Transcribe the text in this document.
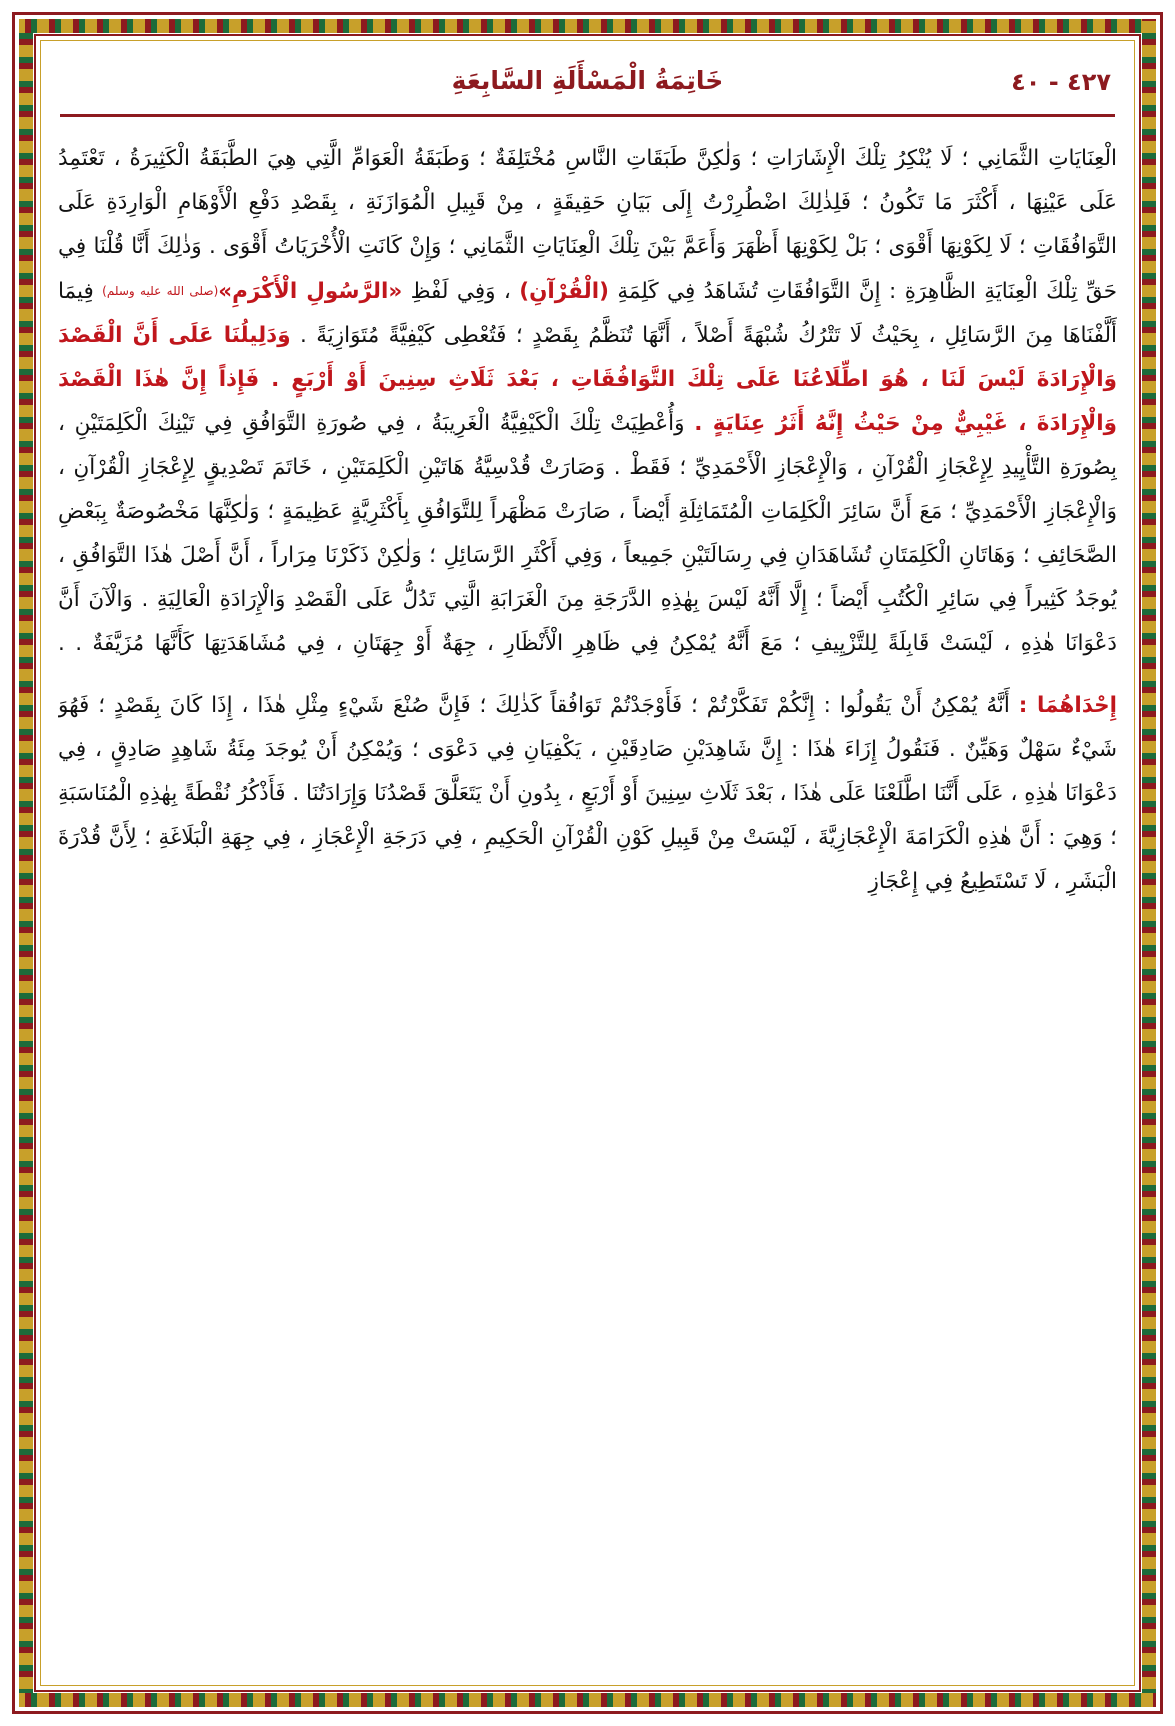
٤٢٧ - ٤٠
خَاتِمَةُ الْمَسْأَلَةِ السَّابِعَةِ

الْعِنَايَاتِ الثَّمَانِي ؛ لَا يُنْكِرُ تِلْكَ الْإِشَارَاتِ ؛ وَلٰكِنَّ طَبَقَاتِ النَّاسِ مُخْتَلِفَةٌ ؛ وَطَبَقَةُ الْعَوَامِّ الَّتِي هِيَ الطَّبَقَةُ الْكَثِيرَةُ ، تَعْتَمِدُ عَلَى عَيْنِهَا ، أَكْثَرَ مَا تَكُونُ ؛ فَلِذٰلِكَ اضْطُرِرْتُ إِلَى بَيَانِ حَقِيقَةٍ ، مِنْ قَبِيلِ الْمُوَازَنَةِ ، بِقَصْدِ دَفْعِ الْأَوْهَامِ الْوَارِدَةِ عَلَى التَّوَافُقَاتِ ؛ لَا لِكَوْنِهَا أَقْوَى ؛ بَلْ لِكَوْنِهَا أَظْهَرَ وَأَعَمَّ بَيْنَ تِلْكَ الْعِنَايَاتِ الثَّمَانِي ؛ وَإِنْ كَانَتِ الْأُخْرَيَاتُ أَقْوَى . وَذٰلِكَ أَنَّا قُلْنَا فِي حَقِّ تِلْكَ الْعِنَايَةِ الظَّاهِرَةِ : إِنَّ التَّوَافُقَاتِ تُشَاهَدُ فِي كَلِمَةِ (الْقُرْآنِ) ، وَفِي لَفْظِ «الرَّسُولِ الْأَكْرَمِ»(صلى الله عليه وسلم) فِيمَا أَلَّفْنَاهَا مِنَ الرَّسَائِلِ ، بِحَيْثُ لَا تَتْرُكُ شُبْهَةً أَصْلاً ، أَنَّهَا تُنَظَّمُ بِقَصْدٍ ؛ فَتُعْطِى كَيْفِيَّةً مُتَوَازِيَةً . وَدَلِيلُنَا عَلَى أَنَّ الْقَصْدَ وَالْإِرَادَةَ لَيْسَ لَنَا ، هُوَ اطِّلَاعُنَا عَلَى تِلْكَ التَّوَافُقَاتِ ، بَعْدَ ثَلَاثِ سِنِينَ أَوْ أَرْبَعٍ . فَإِذاً إِنَّ هٰذَا الْقَصْدَ وَالْإِرَادَةَ ، غَيْبِيٌّ مِنْ حَيْثُ إِنَّهُ أَثَرُ عِنَايَةٍ . وَأُعْطِيَتْ تِلْكَ الْكَيْفِيَّةُ الْغَرِيبَةُ ، فِي صُورَةِ التَّوَافُقِ فِي تَيْنِكَ الْكَلِمَتَيْنِ ، بِصُورَةِ التَّأْيِيدِ لِإِعْجَازِ الْقُرْآنِ ، وَالْإِعْجَازِ الْأَحْمَدِيِّ ؛ فَقَطْ . وَصَارَتْ قُدْسِيَّةُ هَاتَيْنِ الْكَلِمَتَيْنِ ، خَاتَمَ تَصْدِيقٍ لِإِعْجَازِ الْقُرْآنِ ، وَالْإِعْجَازِ الْأَحْمَدِيِّ ؛ مَعَ أَنَّ سَائِرَ الْكَلِمَاتِ الْمُتَمَاثِلَةِ أَيْضاً ، صَارَتْ مَظْهَراً لِلتَّوَافُقِ بِأَكْثَرِيَّةٍ عَظِيمَةٍ ؛ وَلٰكِنَّهَا مَخْصُوصَةٌ بِبَعْضِ الصَّحَائِفِ ؛ وَهَاتَانِ الْكَلِمَتَانِ تُشَاهَدَانِ فِي رِسَالَتَيْنِ جَمِيعاً ، وَفِي أَكْثَرِ الرَّسَائِلِ ؛ وَلٰكِنْ ذَكَرْنَا مِرَاراً ، أَنَّ أَصْلَ هٰذَا التَّوَافُقِ ، يُوجَدُ كَثِيراً فِي سَائِرِ الْكُتُبِ أَيْضاً ؛ إِلَّا أَنَّهُ لَيْسَ بِهٰذِهِ الدَّرَجَةِ مِنَ الْغَرَابَةِ الَّتِي تَدُلُّ عَلَى الْقَصْدِ وَالْإِرَادَةِ الْعَالِيَةِ . وَالْآنَ أَنَّ دَعْوَانَا هٰذِهِ ، لَيْسَتْ قَابِلَةً لِلتَّزْيِيفِ ؛ مَعَ أَنَّهُ يُمْكِنُ فِي ظَاهِرِ الْأَنْظَارِ ، جِهَةٌ أَوْ جِهَتَانِ ، فِي مُشَاهَدَتِهَا كَأَنَّهَا مُزَيَّفَةٌ . .

إِحْدَاهُمَا : أَنَّهُ يُمْكِنُ أَنْ يَقُولُوا : إِنَّكُمْ تَفَكَّرْتُمْ ؛ فَأَوْجَدْتُمْ تَوَافُقاً كَذٰلِكَ ؛ فَإِنَّ صُنْعَ شَيْءٍ مِثْلِ هٰذَا ، إِذَا كَانَ بِقَصْدٍ ؛ فَهُوَ شَيْءٌ سَهْلٌ وَهَيِّنٌ . فَنَقُولُ إِزَاءَ هٰذَا : إِنَّ شَاهِدَيْنِ صَادِقَيْنِ ، يَكْفِيَانِ فِي دَعْوَى ؛ وَيُمْكِنُ أَنْ يُوجَدَ مِئَةُ شَاهِدٍ صَادِقٍ ، فِي دَعْوَانَا هٰذِهِ ، عَلَى أَنَّنَا اطَّلَعْنَا عَلَى هٰذَا ، بَعْدَ ثَلَاثِ سِنِينَ أَوْ أَرْبَعٍ ، بِدُونِ أَنْ يَتَعَلَّقَ قَصْدُنَا وَإِرَادَتُنَا . فَأَذْكُرُ نُقْطَةً بِهٰذِهِ الْمُنَاسَبَةِ ؛ وَهِيَ : أَنَّ هٰذِهِ الْكَرَامَةَ الْإِعْجَازِيَّةَ ، لَيْسَتْ مِنْ قَبِيلِ كَوْنِ الْقُرْآنِ الْحَكِيمِ ، فِي دَرَجَةِ الْإِعْجَازِ ، فِي جِهَةِ الْبَلَاغَةِ ؛ لِأَنَّ قُدْرَةَ الْبَشَرِ ، لَا تَسْتَطِيعُ فِي إِعْجَازِ
